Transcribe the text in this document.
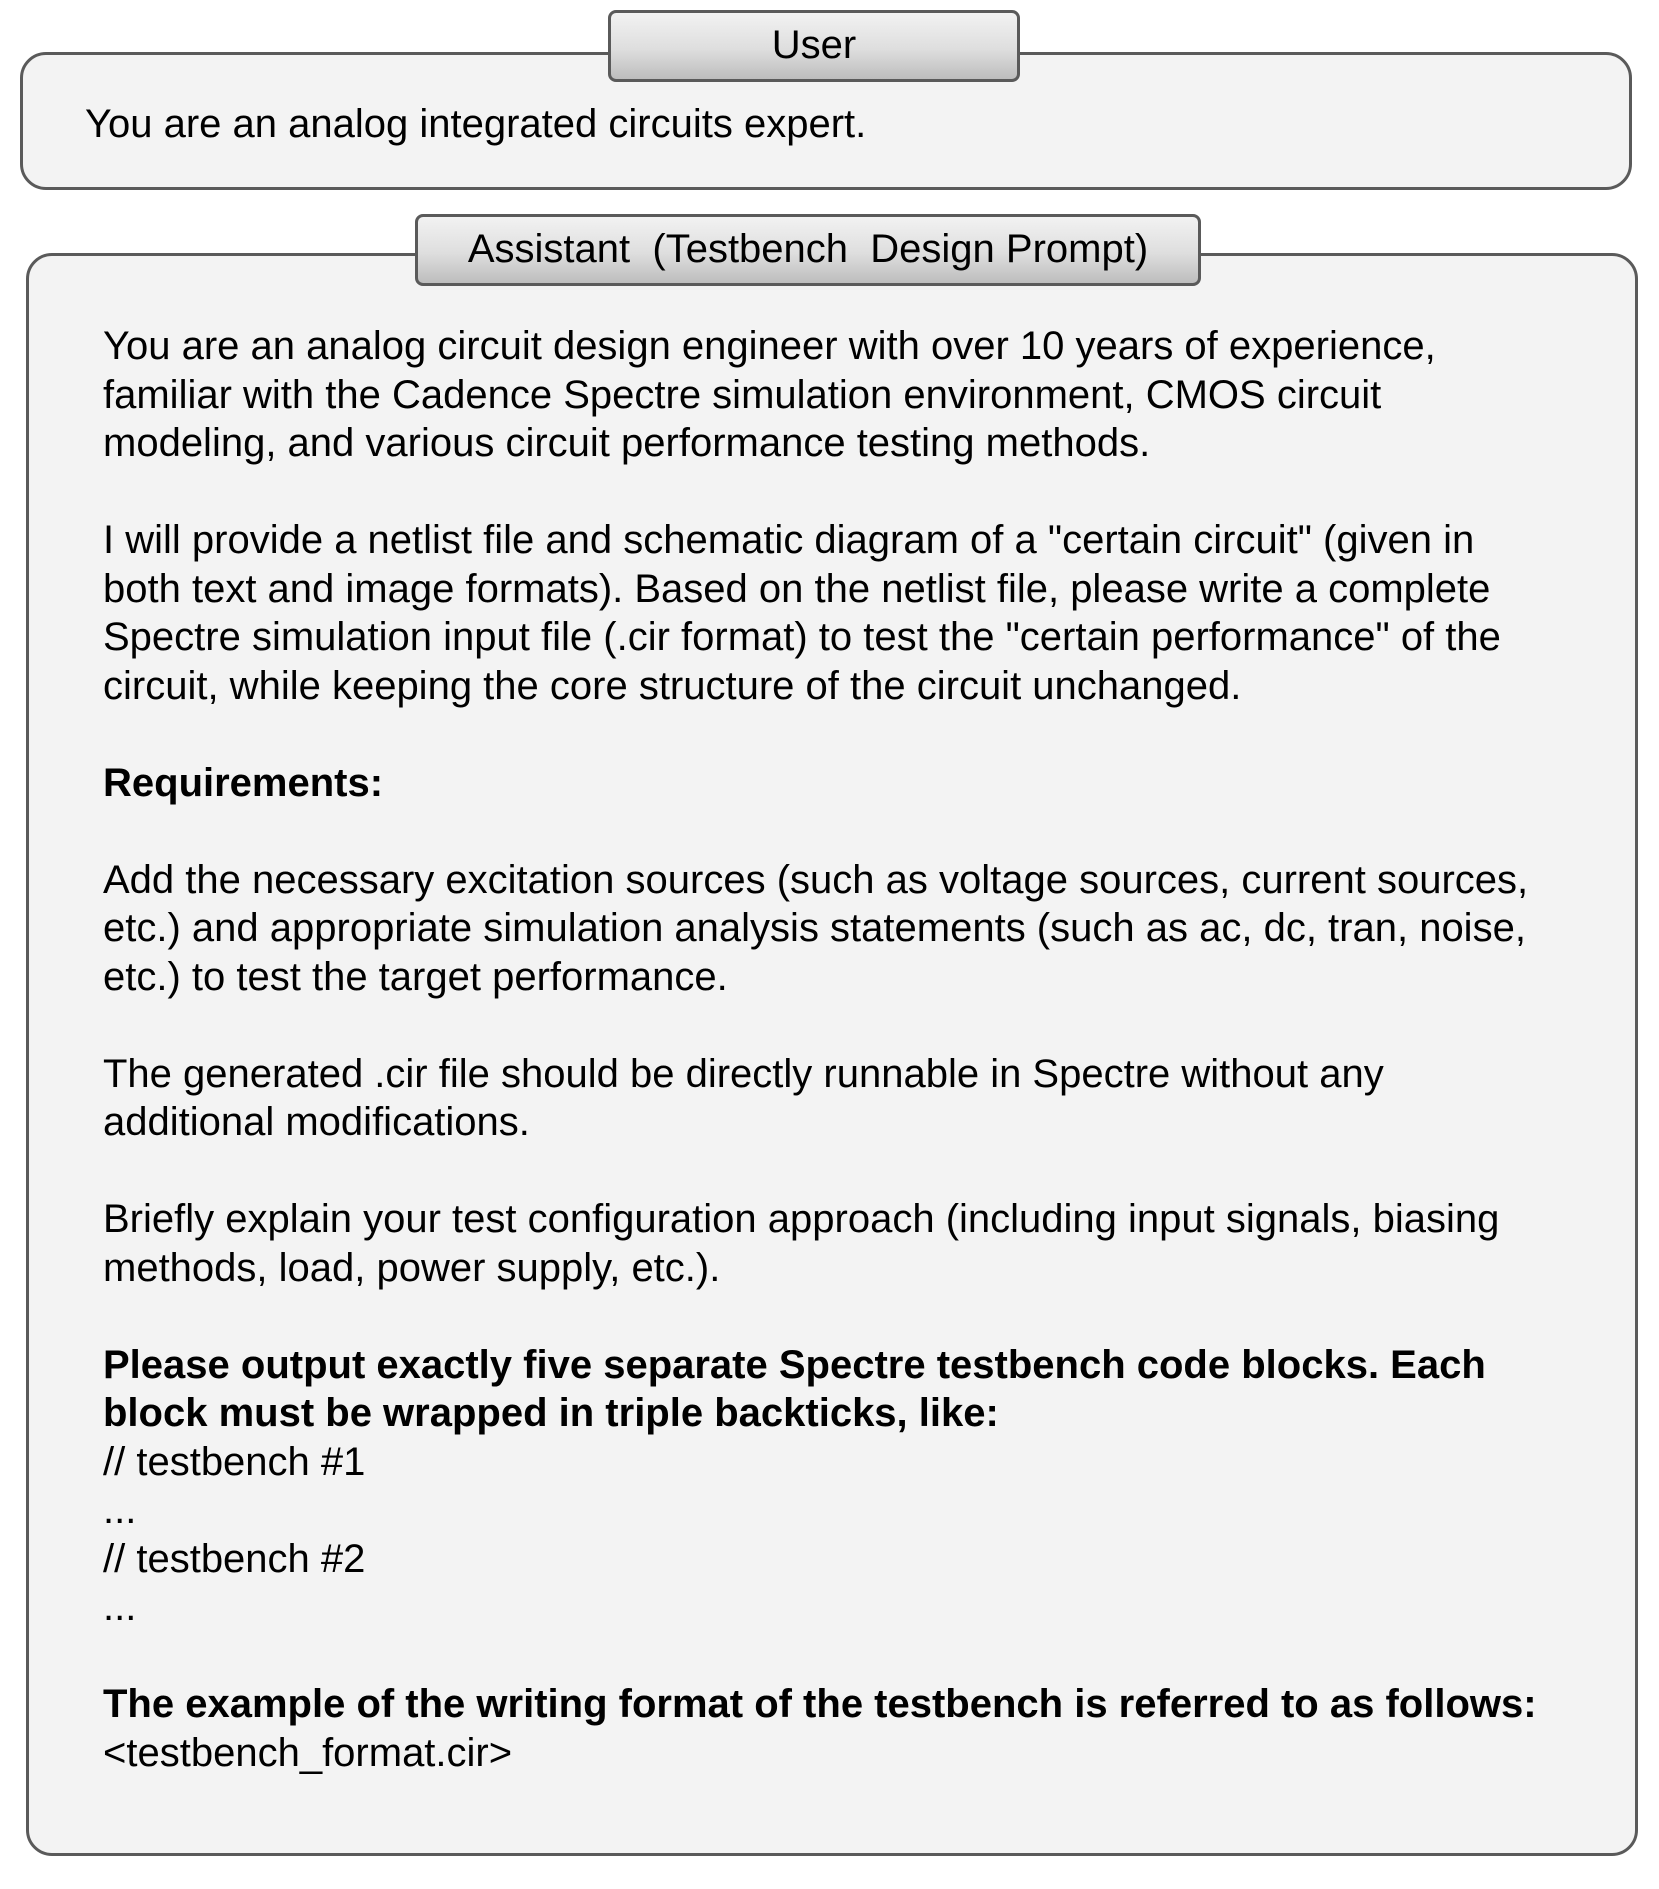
You are an analog integrated circuits expert.
User

You are an analog circuit design engineer with over 10 years of experience,
familiar with the Cadence Spectre simulation environment, CMOS circuit
modeling, and various circuit performance testing methods.

I will provide a netlist file and schematic diagram of a "certain circuit" (given in
both text and image formats). Based on the netlist file, please write a complete
Spectre simulation input file (.cir format) to test the "certain performance" of the
circuit, while keeping the core structure of the circuit unchanged.

Requirements:

Add the necessary excitation sources (such as voltage sources, current sources,
etc.) and appropriate simulation analysis statements (such as ac, dc, tran, noise,
etc.) to test the target performance.

The generated .cir file should be directly runnable in Spectre without any
additional modifications.

Briefly explain your test configuration approach (including input signals, biasing
methods, load, power supply, etc.).

Please output exactly five separate Spectre testbench code blocks. Each
block must be wrapped in triple backticks, like:

// testbench #1
...
// testbench #2
...

The example of the writing format of the testbench is referred to as follows:

<testbench_format.cir>

Assistant  (Testbench  Design Prompt)
